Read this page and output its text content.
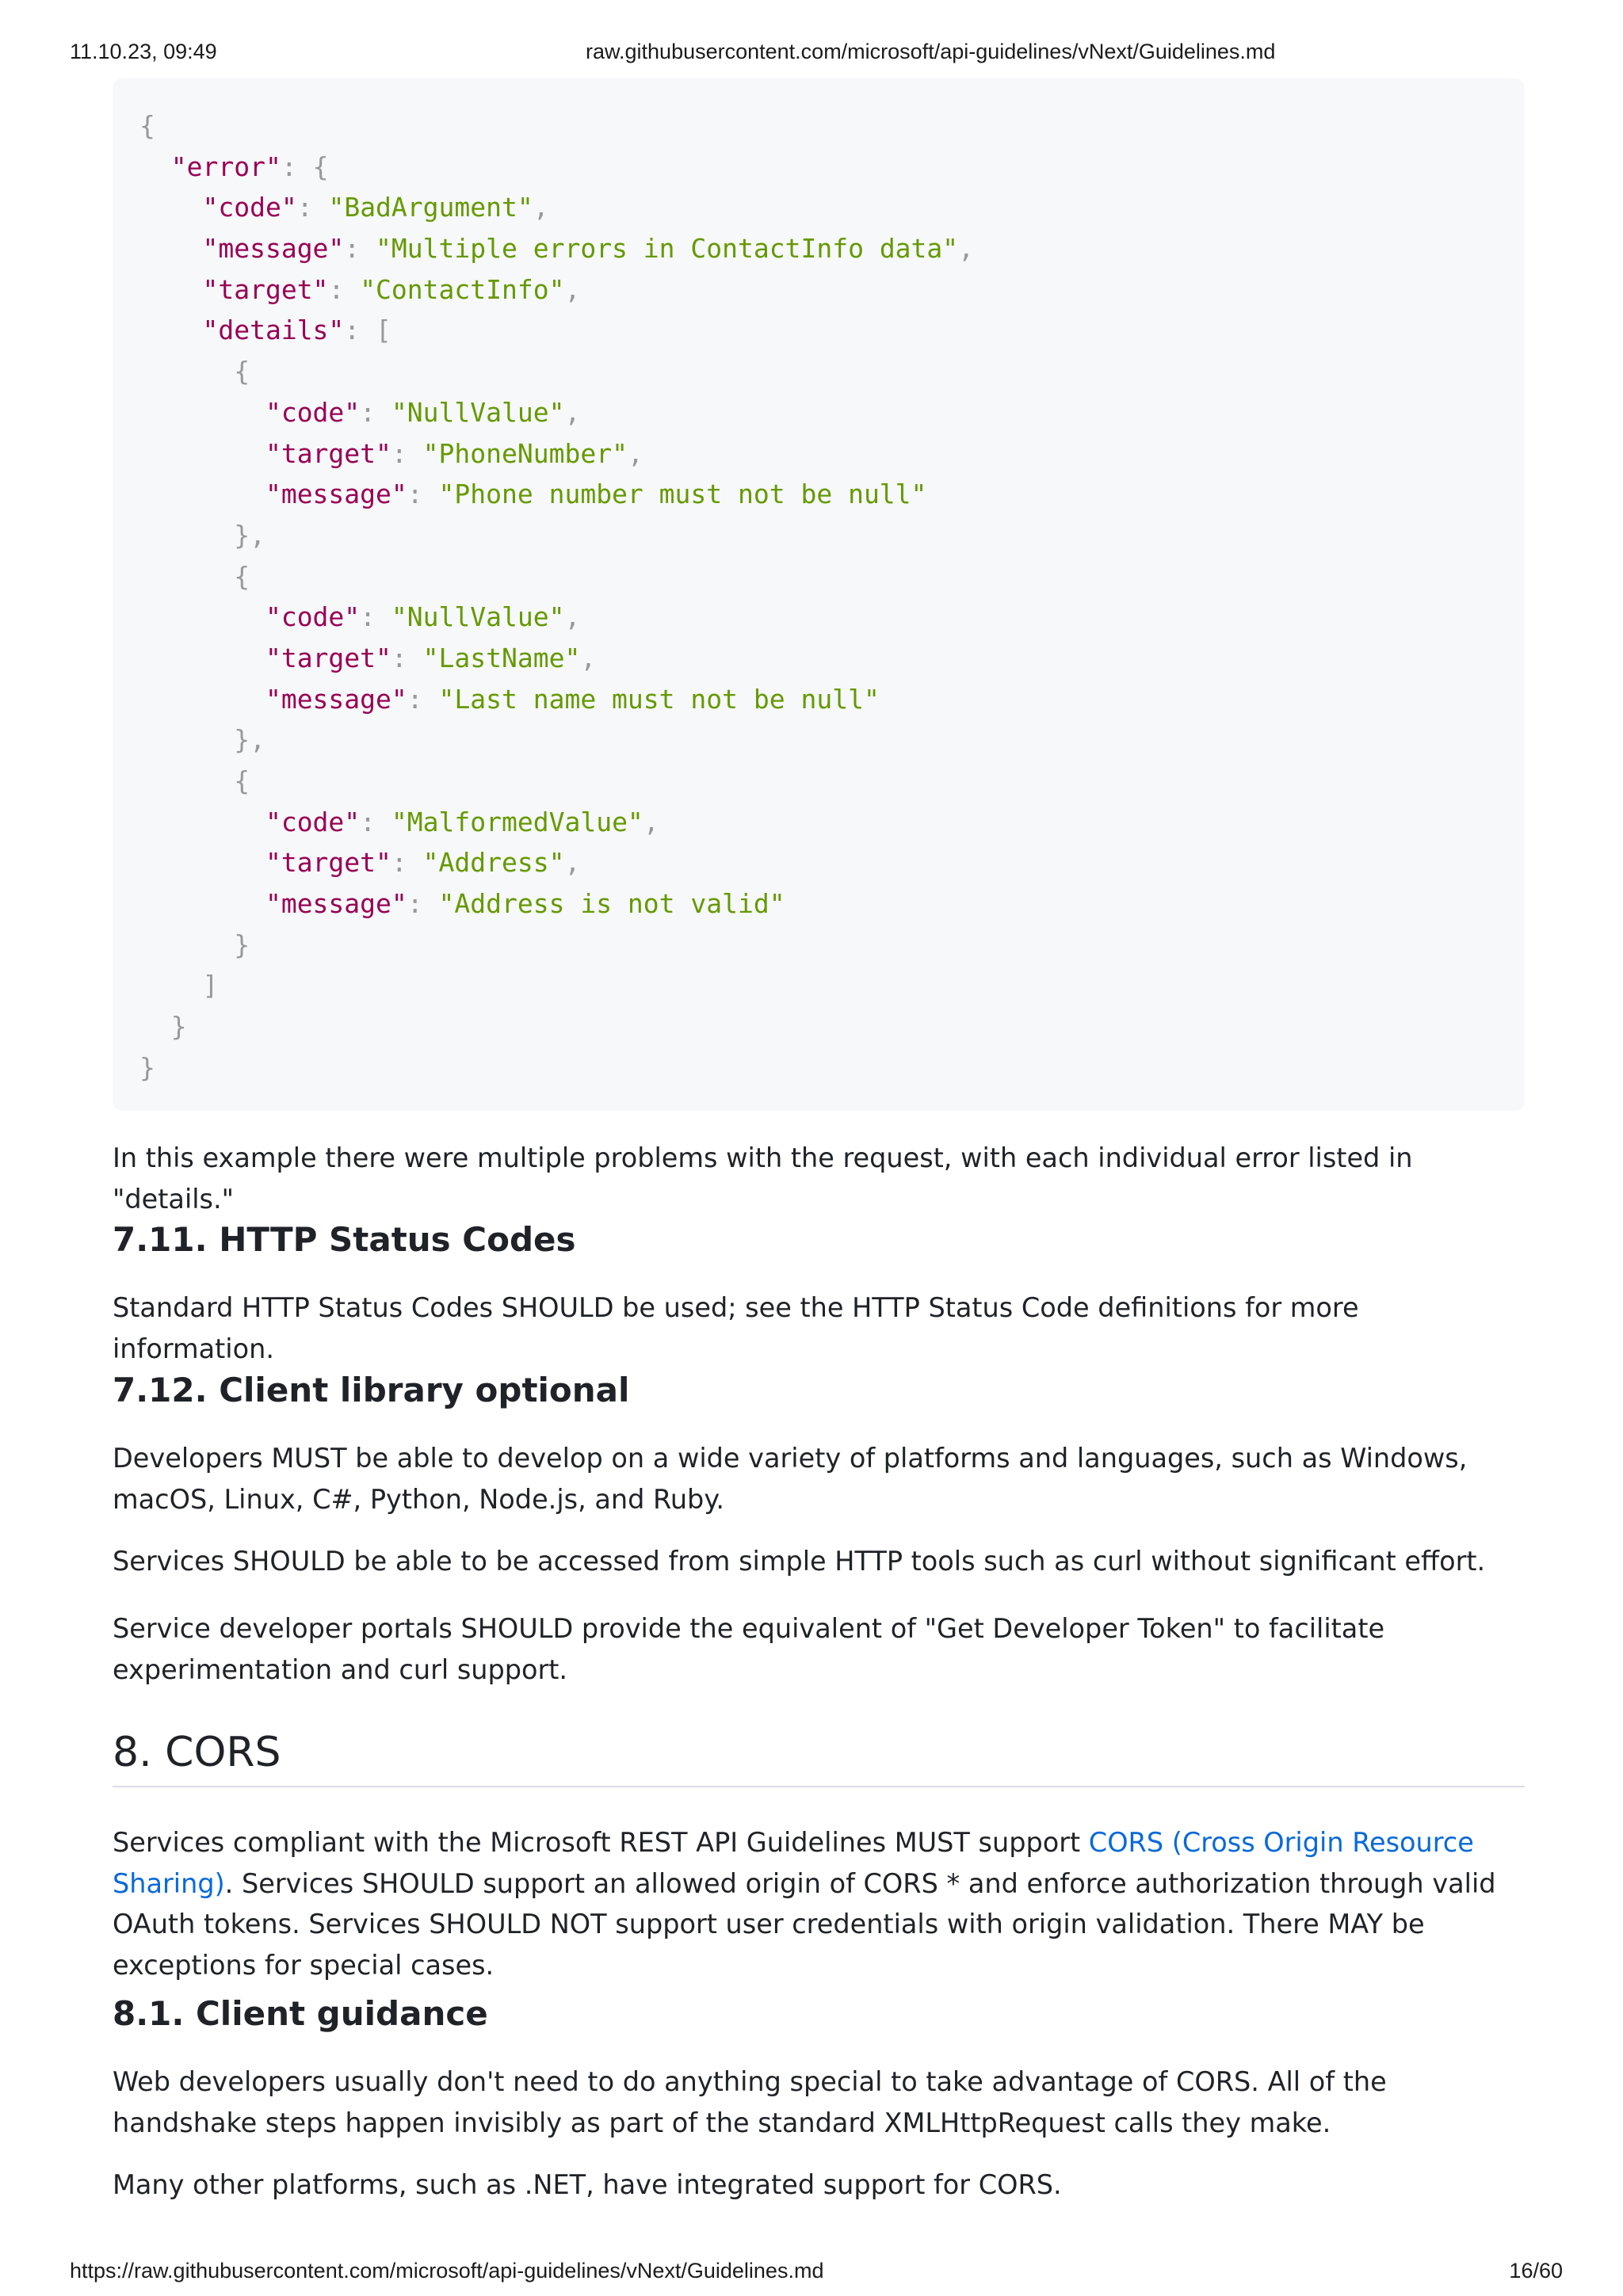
11.10.23, 09:49	raw.githubusercontent.com/microsoft/api-guidelines/vNext/Guidelines.md
{
"error": {
"code": "BadArgument",
"message": "Multiple errors in ContactInfo data",
"target": "ContactInfo",
"details": [
{
"code": "NullValue",
"target": "PhoneNumber",
"message": "Phone number must not be null"
},
{
"code": "NullValue",
"target": "LastName",
"message": "Last name must not be null"
},
{
"code": "MalformedValue",
"target": "Address",
"message": "Address is not valid"
}
]
}
}

In this example there were multiple problems with the request, with each individual error listed in "details."

7.11. HTTP Status Codes

Standard HTTP Status Codes SHOULD be used; see the HTTP Status Code definitions for more information.

7.12. Client library optional

Developers MUST be able to develop on a wide variety of platforms and languages, such as Windows, macOS, Linux, C#, Python, Node.js, and Ruby.

Services SHOULD be able to be accessed from simple HTTP tools such as curl without significant effort.

Service developer portals SHOULD provide the equivalent of "Get Developer Token" to facilitate experimentation and curl support.

8. CORS

Services compliant with the Microsoft REST API Guidelines MUST support CORS (Cross Origin Resource Sharing). Services SHOULD support an allowed origin of CORS * and enforce authorization through valid OAuth tokens. Services SHOULD NOT support user credentials with origin validation. There MAY be exceptions for special cases.

8.1. Client guidance

Web developers usually don't need to do anything special to take advantage of CORS. All of the handshake steps happen invisibly as part of the standard XMLHttpRequest calls they make.

Many other platforms, such as .NET, have integrated support for CORS.

https://raw.githubusercontent.com/microsoft/api-guidelines/vNext/Guidelines.md	16/60
